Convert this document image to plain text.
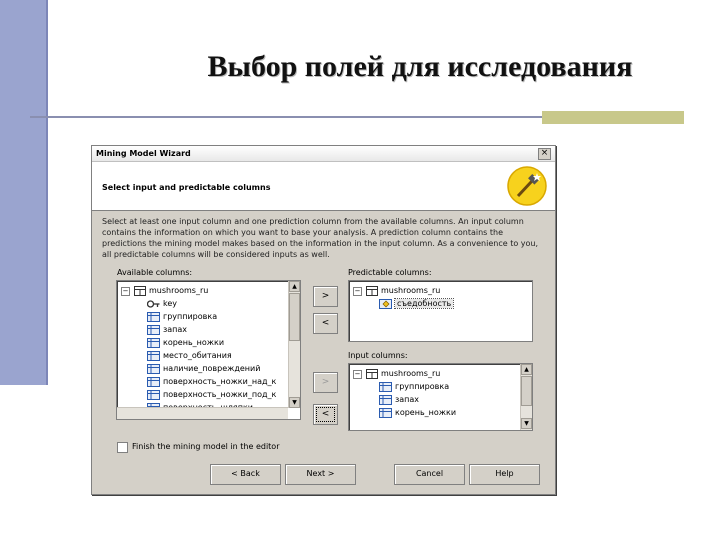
Выбор полей для исследования
Mining Model Wizard	×
Select input and predictable columns
Select at least one input column and one prediction column from the available columns. An input column contains the information on which you want to base your analysis. A prediction column contains the predictions the mining model makes based on the information in the input column. As a convenience to you, all predictable columns will be considered inputs as well.
Available columns:
−	mushrooms_ru
key
группировка
запах
корень_ножки
место_обитания
наличие_повреждений
поверхность_ножки_над_к
поверхность_ножки_под_к
▲
▼
>
<
>
<
Predictable columns:
−	mushrooms_ru
съедобность
Input columns:
−	mushrooms_ru
группировка
запах
корень_ножки
▲
▼
Finish the mining model in the editor
< Back	Next >	Cancel	Help
